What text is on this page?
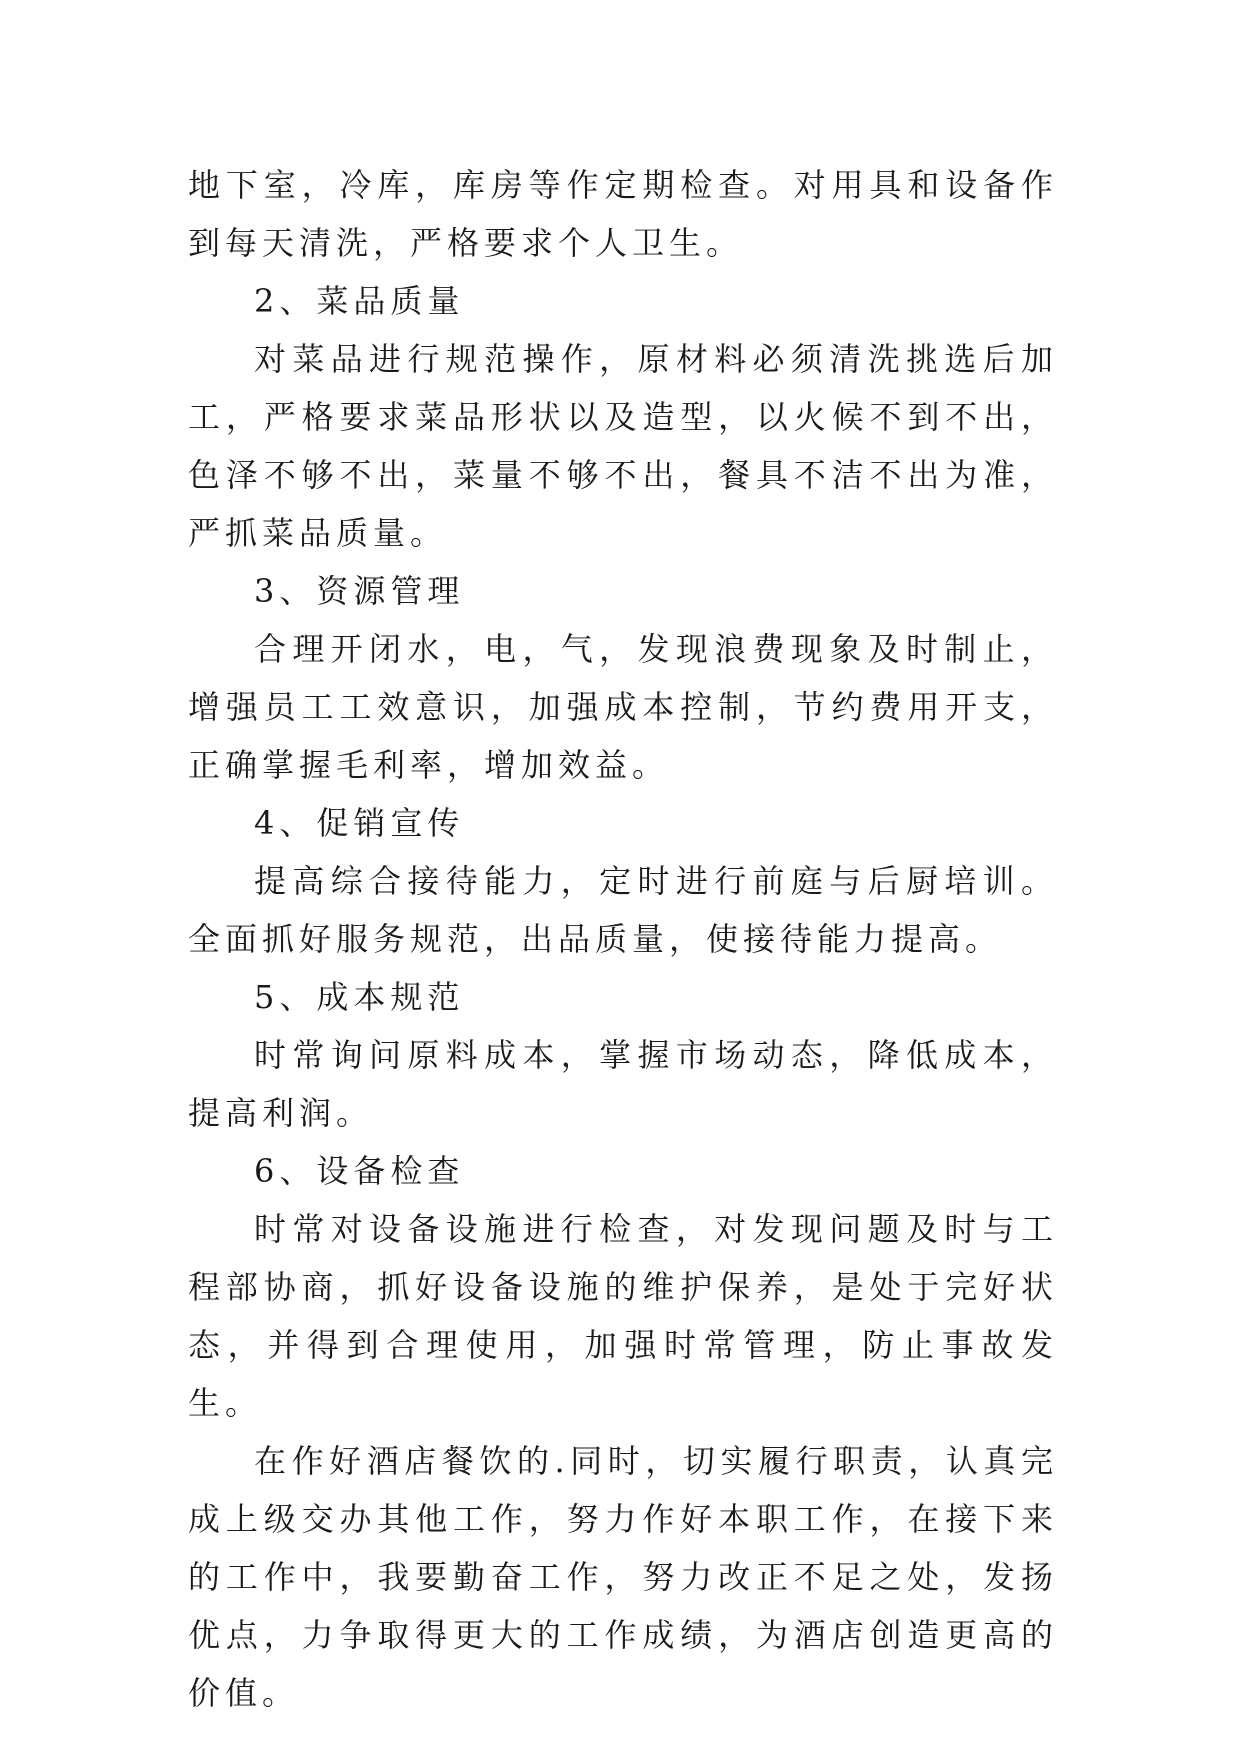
地下室，冷库，库房等作定期检查。对用具和设备作到每天清洗，严格要求个人卫生。

2、菜品质量

对菜品进行规范操作，原材料必须清洗挑选后加工，严格要求菜品形状以及造型，以火候不到不出，色泽不够不出，菜量不够不出，餐具不洁不出为准，严抓菜品质量。

3、资源管理

合理开闭水，电，气，发现浪费现象及时制止，增强员工工效意识，加强成本控制，节约费用开支，正确掌握毛利率，增加效益。

4、促销宣传

提高综合接待能力，定时进行前庭与后厨培训。全面抓好服务规范，出品质量，使接待能力提高。

5、成本规范

时常询问原料成本，掌握市场动态，降低成本，提高利润。

6、设备检查

时常对设备设施进行检查，对发现问题及时与工程部协商，抓好设备设施的维护保养，是处于完好状态，并得到合理使用，加强时常管理，防止事故发生。

在作好酒店餐饮的.同时，切实履行职责，认真完成上级交办其他工作，努力作好本职工作，在接下来的工作中，我要勤奋工作，努力改正不足之处，发扬优点，力争取得更大的工作成绩，为酒店创造更高的价值。
